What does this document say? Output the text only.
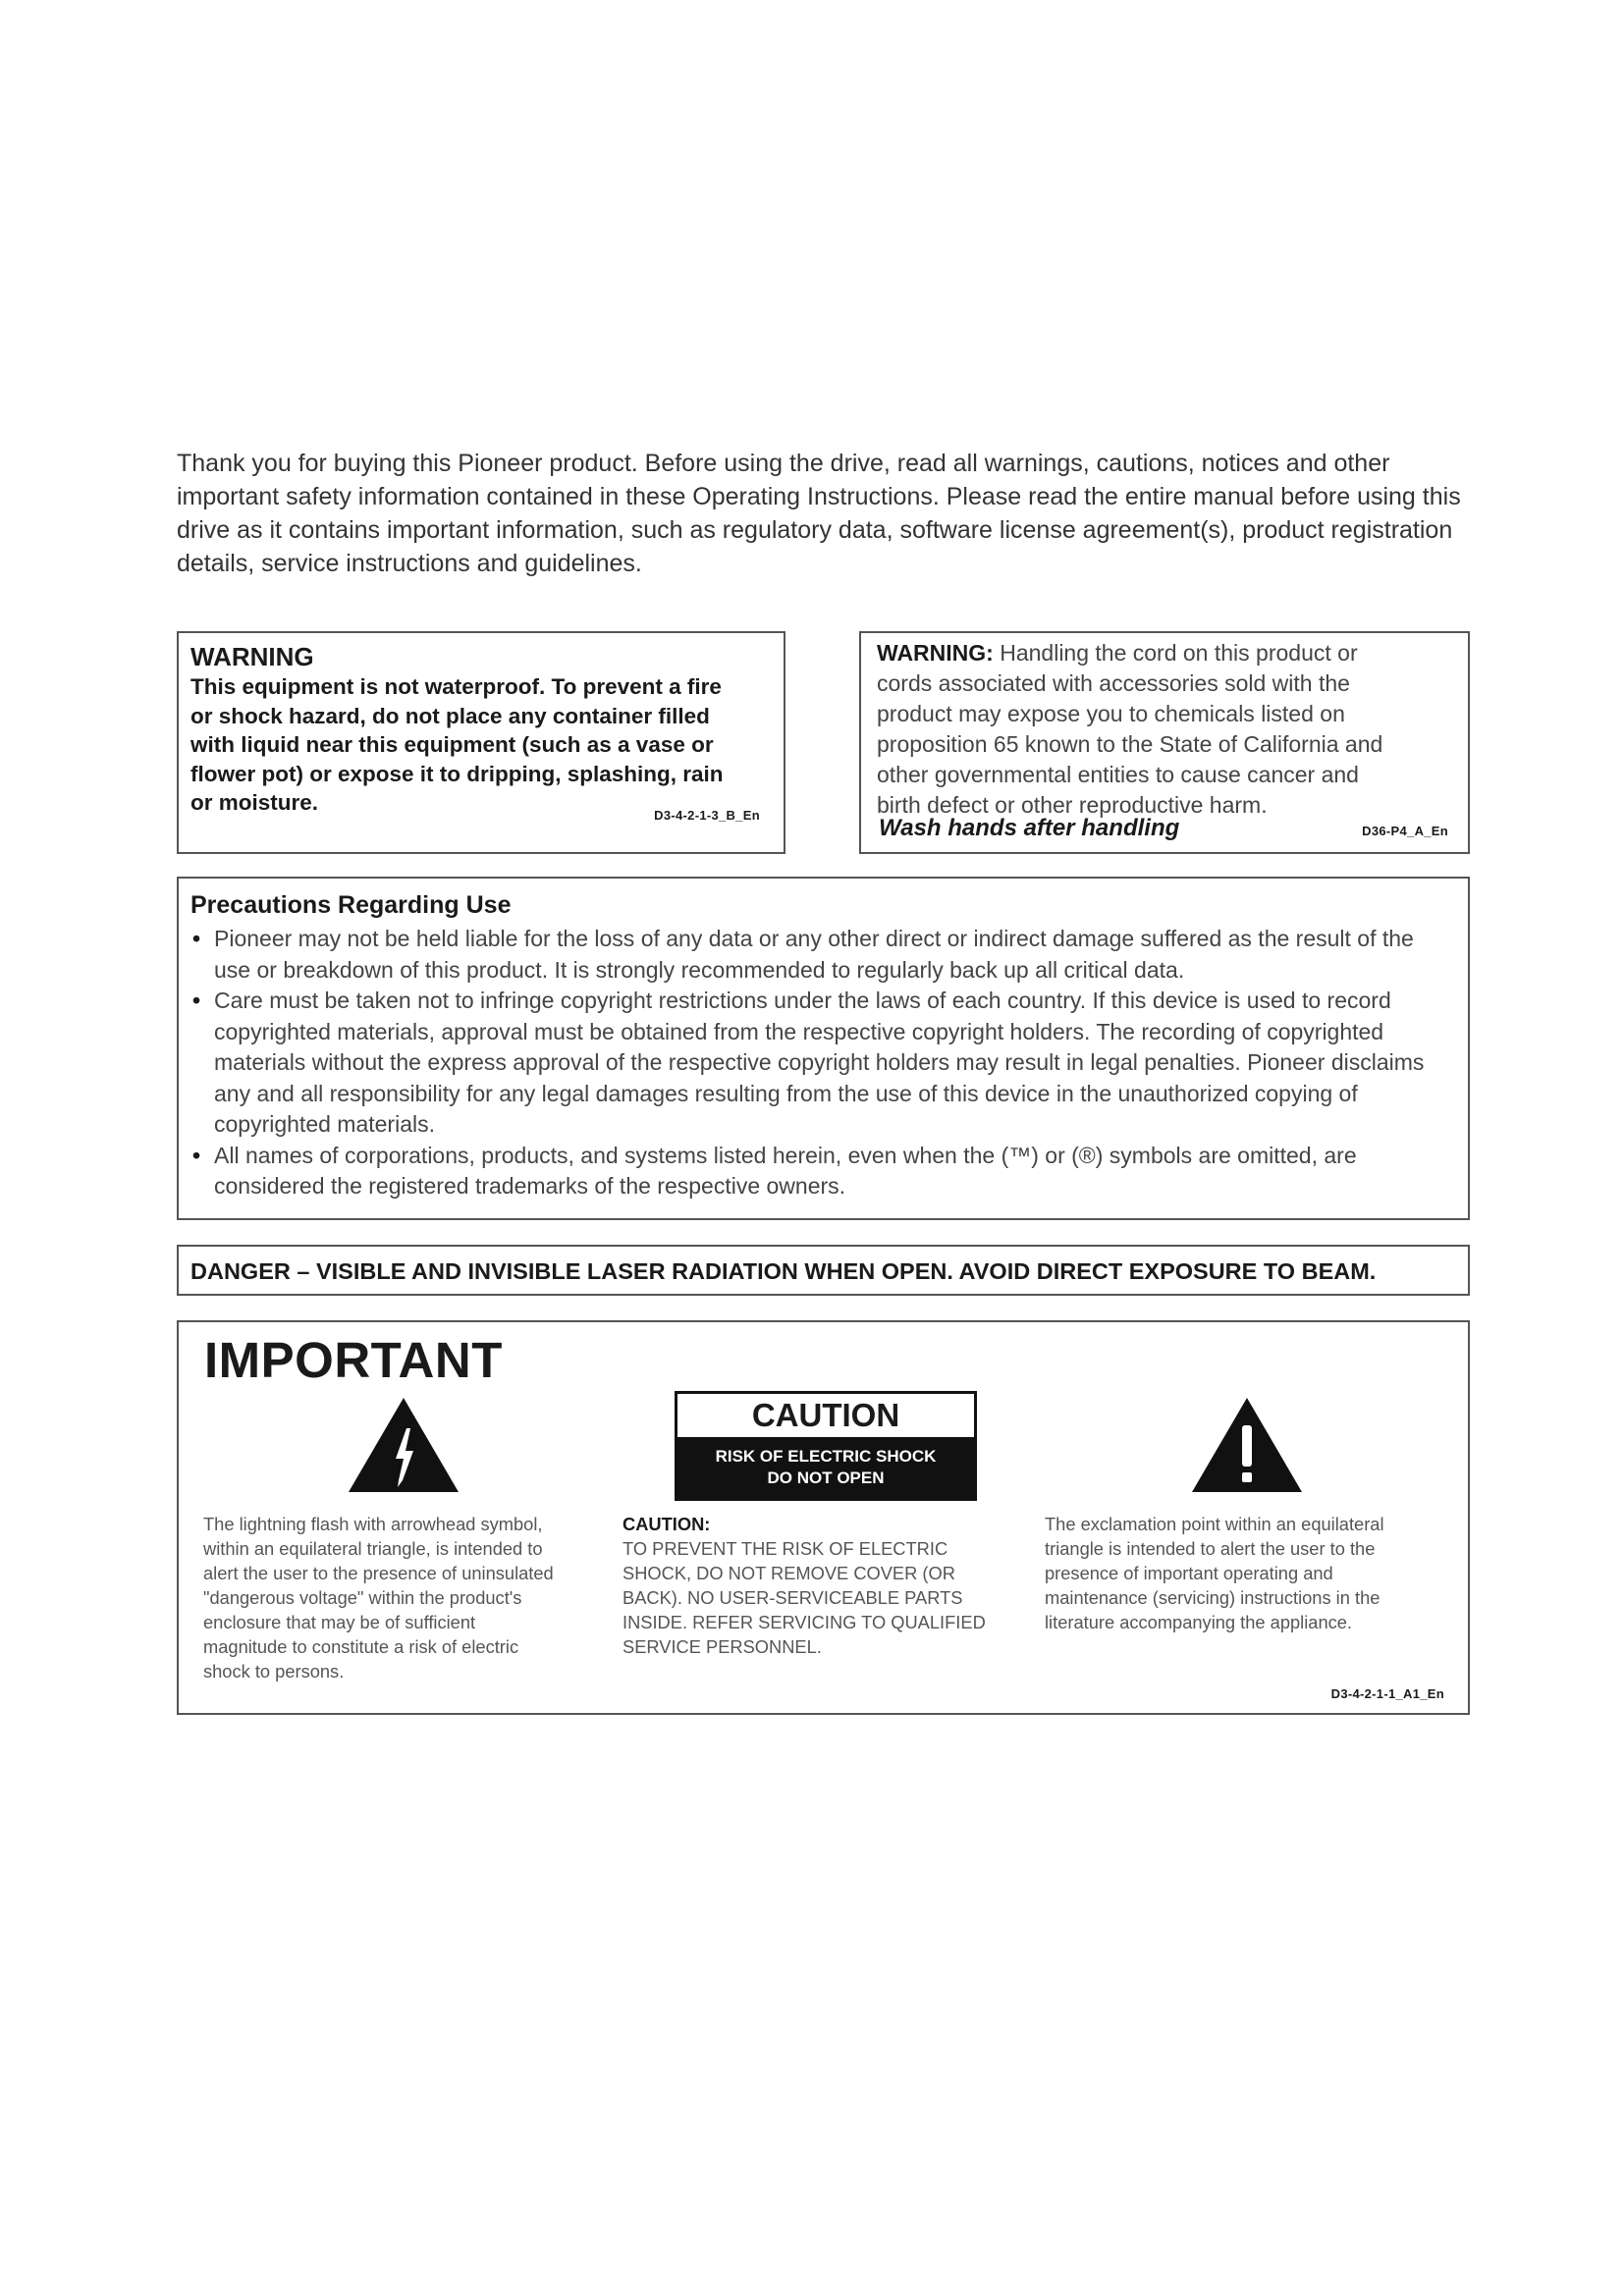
Thank you for buying this Pioneer product. Before using the drive, read all warnings, cautions, notices and other important safety information contained in these Operating Instructions. Please read the entire manual before using this drive as it contains important information, such as regulatory data, software license agreement(s), product registration details, service instructions and guidelines.
WARNING
This equipment is not waterproof. To prevent a fire
or shock hazard, do not place any container filled
with liquid near this equipment (such as a vase or
flower pot) or expose it to dripping, splashing, rain
or moisture.
D3-4-2-1-3_B_En
WARNING: Handling the cord on this product or
cords associated with accessories sold with the
product may expose you to chemicals listed on
proposition 65 known to the State of California and
other governmental entities to cause cancer and
birth defect or other reproductive harm.
Wash hands after handling	D36-P4_A_En
Precautions Regarding Use
• Pioneer may not be held liable for the loss of any data or any other direct or indirect damage suffered as the result of the use or breakdown of this product. It is strongly recommended to regularly back up all critical data.
• Care must be taken not to infringe copyright restrictions under the laws of each country. If this device is used to record copyrighted materials, approval must be obtained from the respective copyright holders. The recording of copyrighted materials without the express approval of the respective copyright holders may result in legal penalties. Pioneer disclaims any and all responsibility for any legal damages resulting from the use of this device in the unauthorized copying of copyrighted materials.
• All names of corporations, products, and systems listed herein, even when the (™) or (®) symbols are omitted, are considered the registered trademarks of the respective owners.
DANGER – VISIBLE AND INVISIBLE LASER RADIATION WHEN OPEN. AVOID DIRECT EXPOSURE TO BEAM.
IMPORTANT
CAUTION
RISK OF ELECTRIC SHOCK
DO NOT OPEN
The lightning flash with arrowhead symbol,
within an equilateral triangle, is intended to
alert the user to the presence of uninsulated
"dangerous voltage" within the product's
enclosure that may be of sufficient
magnitude to constitute a risk of electric
shock to persons.
CAUTION:
TO PREVENT THE RISK OF ELECTRIC
SHOCK, DO NOT REMOVE COVER (OR
BACK). NO USER-SERVICEABLE PARTS
INSIDE. REFER SERVICING TO QUALIFIED
SERVICE PERSONNEL.
The exclamation point within an equilateral
triangle is intended to alert the user to the
presence of important operating and
maintenance (servicing) instructions in the
literature accompanying the appliance.
D3-4-2-1-1_A1_En
